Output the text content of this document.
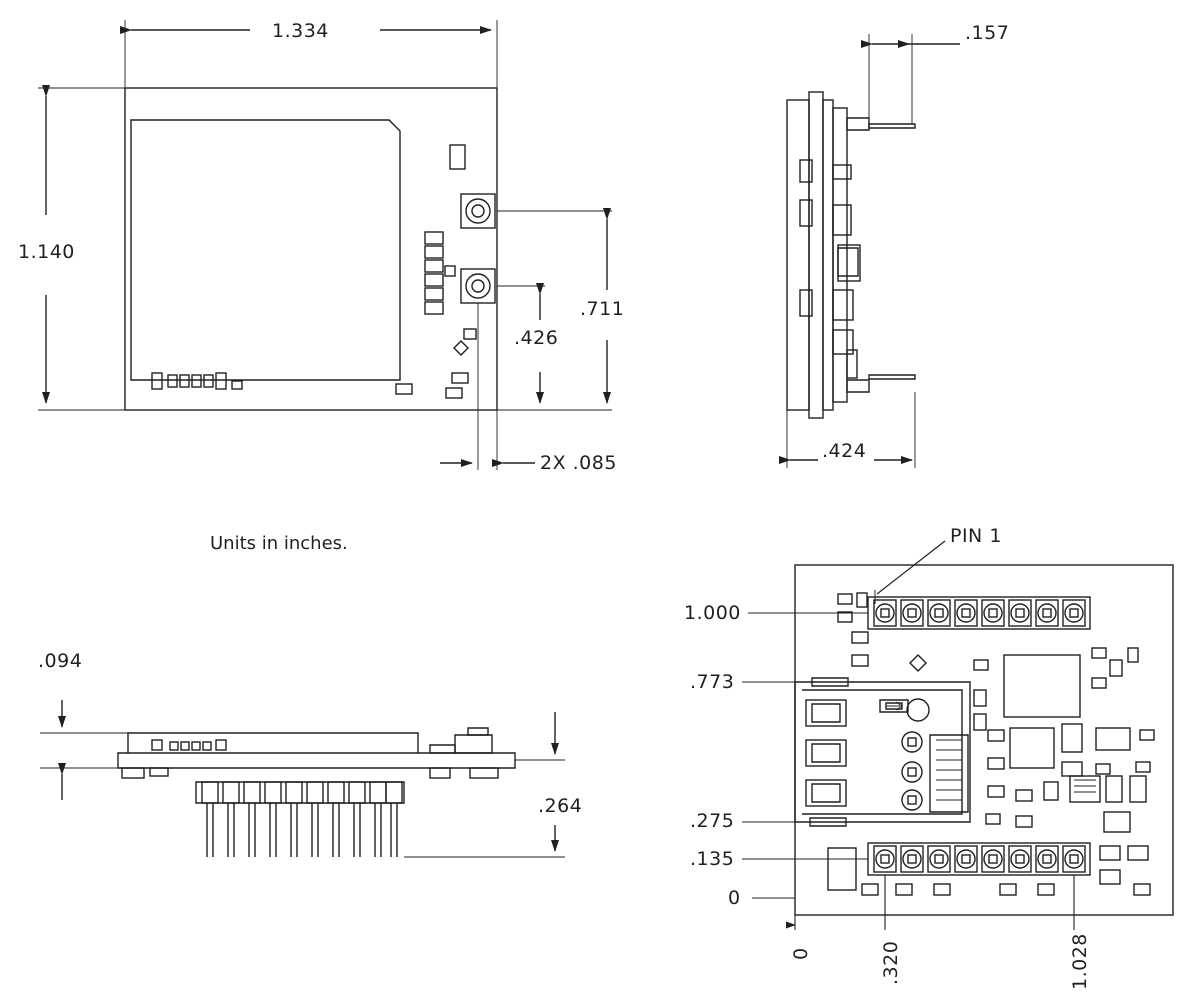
1.334
1.140
.711
.426
2X .085
.157
.424
Units in inches.
.094
.264
PIN 1
1.000
.773
.275
.135
0
0	.320	1.028
